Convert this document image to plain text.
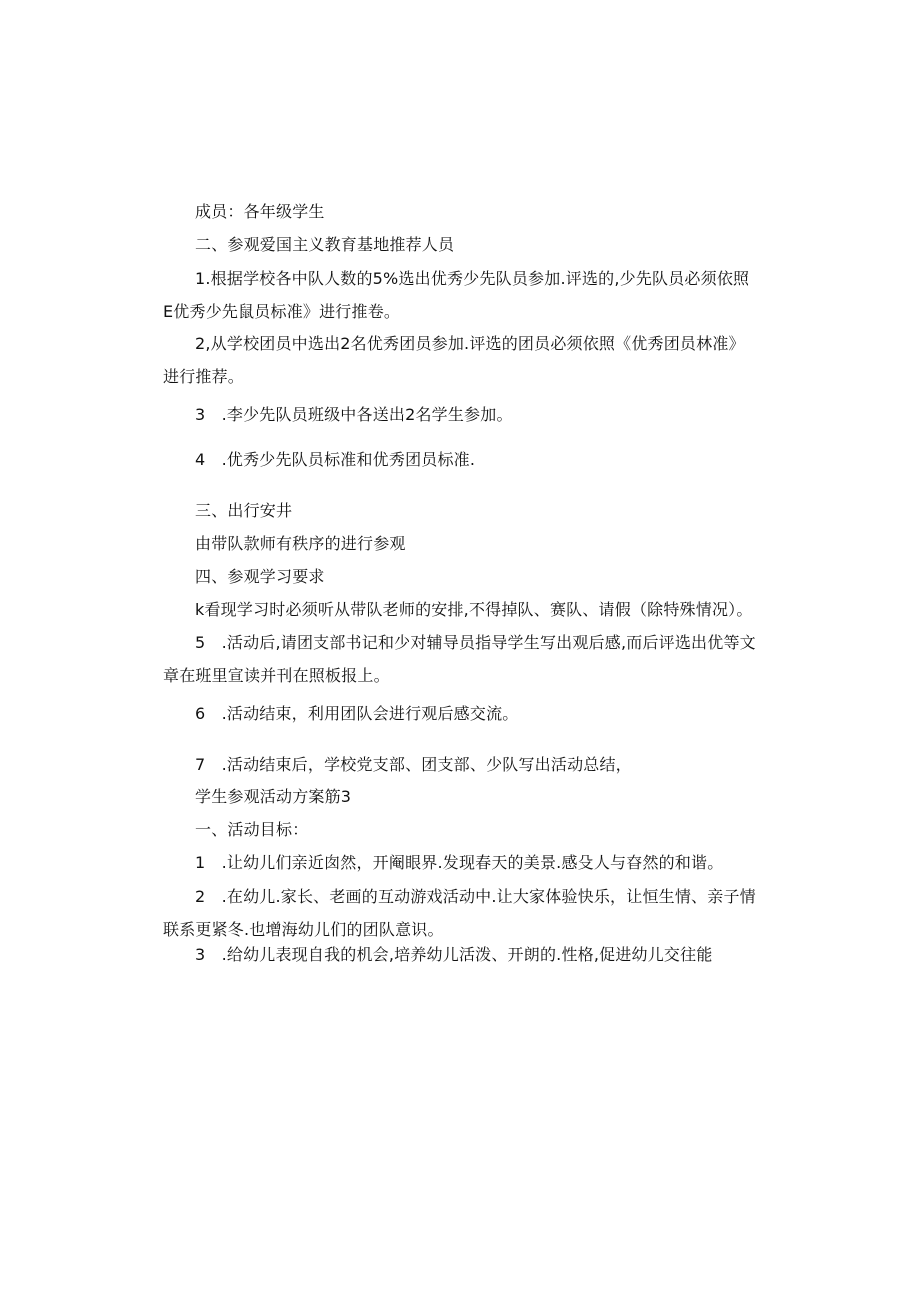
成员：各年级学生
二、参观爱国主义教育基地推荐人员
1.根据学校各中队人数的5%选出优秀少先队员参加.评选的,少先队员必须依照E优秀少先鼠员标准》进行推卷。
2,从学校团员中选出2名优秀团员参加.评选的团员必须依照《优秀团员林准》进行推荐。
3　.李少先队员班级中各送出2名学生参加。
4　.优秀少先队员标准和优秀团员标准.
三、出行安井
由带队款师有秩序的进行参观
四、参观学习要求
k看现学习时必须听从带队老师的安排,不得掉队、赛队、请假（除特殊情况）。
5　.活动后,请团支部书记和少对辅导员指导学生写出观后感,而后评选出优等文章在班里宣读并刊在照板报上。
6　.活动结束，利用团队会进行观后感交流。
7　.活动结束后，学校党支部、团支部、少队写出活动总结，
学生参观活动方案筋3
一、活动目标：
1　.让幼儿们亲近囱然，开阉眼界.发现春天的美景.感殳人与昚然的和谐。
2　.在幼儿.家长、老画的互动游戏活动中.让大家体验快乐，让恒生情、亲子情联系更紧冬.也增海幼儿们的团队意识。
3　.给幼儿表现自我的机会,培养幼儿活泼、开朗的.性格,促进幼儿交往能
